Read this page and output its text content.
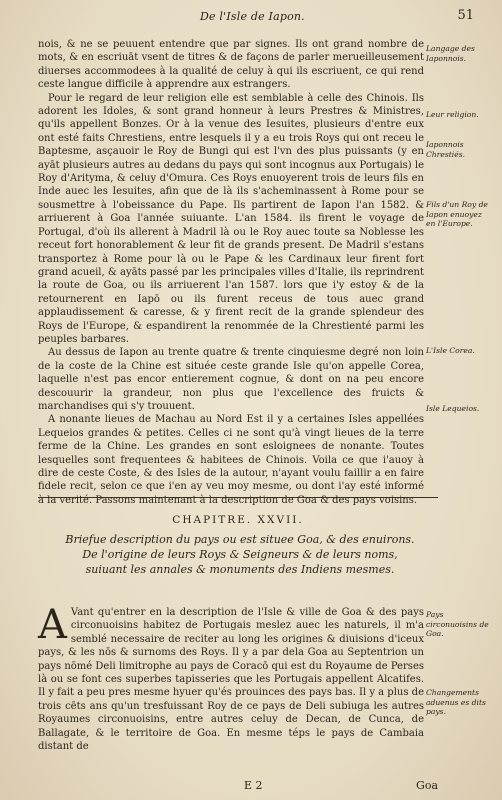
De l'Isle de Iapon.	51

nois, & ne se peuuent entendre que par signes. Ils ont grand nombre de mots, & en escriuāt vsent de titres & de façons de parler merueilleusement diuerses accommodees à la qualité de celuy à qui ils escriuent, ce qui rend ceste langue difficile à apprendre aux estrangers.

Pour le regard de leur religion elle est semblable à celle des Chinois. Ils adorent les Idoles, & sont grand honneur à leurs Prestres & Ministres, qu'ils appellent Bonzes. Or à la venue des Iesuites, plusieurs d'entre eux ont esté faits Chrestiens, entre lesquels il y a eu trois Roys qui ont receu le Baptesme, asçauoir le Roy de Bungi qui est l'vn des plus puissants (y en ayāt plusieurs autres au dedans du pays qui sont incognus aux Portugais) le Roy d'Arityma, & celuy d'Omura. Ces Roys enuoyerent trois de leurs fils en Inde auec les Iesuites, afin que de là ils s'acheminassent à Rome pour se sousmettre à l'obeissance du Pape. Ils partirent de Iapon l'an 1582. & arriuerent à Goa l'année suiuante. L'an 1584. ils firent le voyage de Portugal, d'où ils allerent à Madril là ou le Roy auec toute sa Noblesse les receut fort honorablement & leur fit de grands present. De Madril s'estans transportez à Rome pour là ou le Pape & les Cardinaux leur firent fort grand acueil, & ayāts passé par les principales villes d'Italie, ils reprindrent la route de Goa, ou ils arriuerent l'an 1587. lors que i'y estoy & de la retournerent en Iapō ou ils furent receus de tous auec grand applaudissement & caresse, & y firent recit de la grande splendeur des Roys de l'Europe, & espandirent la renommée de la Chrestienté parmi les peuples barbares.

Au dessus de Iapon au trente quatre & trente cinquiesme degré non loin de la coste de la Chine est située ceste grande Isle qu'on appelle Corea, laquelle n'est pas encor entierement cognue, & dont on na peu encore descouurir la grandeur, non plus que l'excellence des fruicts & marchandises qui s'y trouuent.

A nonante lieues de Machau au Nord Est il y a certaines Isles appellées Lequeios grandes & petites. Celles ci ne sont qu'à vingt lieues de la terre ferme de la Chine. Les grandes en sont esloignees de nonante. Toutes lesquelles sont frequentees & habitees de Chinois. Voila ce que i'auoy à dire de ceste Coste, & des Isles de la autour, n'ayant voulu faillir a en faire fidele recit, selon ce que i'en ay veu moy mesme, ou dont i'ay esté informé à la verité. Passons maintenant à la description de Goa & des pays voisins.

Langage des Iaponnois.
Leur religion.
Iaponnois Chrestiés.
Fils d'un Roy de Iapon enuoyez en l'Europe.
L'Isle Corea.
Isle Lequeios.
CHAPITRE. XXVII.
Briefue description du pays ou est situee Goa, & des enuirons. De l'origine de leurs Roys & Seigneurs & de leurs noms, suiuant les annales & monuments des Indiens mesmes.

A Vant qu'entrer en la description de l'Isle & ville de Goa & des pays circonuoisins habitez de Portugais meslez auec les naturels, il m'a semblé necessaire de reciter au long les origines & diuisions d'iceux pays, & les nōs & surnoms des Roys. Il y a par dela Goa au Septentrion un pays nōmé Deli limitrophe au pays de Coracō qui est du Royaume de Perses là ou se font ces superbes tapisseries que les Portugais appellent Alcatifes. Il y fait a peu pres mesme hyuer qu'és prouinces des pays bas. Il y a plus de trois cēts ans qu'un tresfuissant Roy de ce pays de Deli subiuga les autres Royaumes circonuoisins, entre autres celuy de Decan, de Cunca, de Ballagate, & le territoire de Goa. En mesme téps le pays de Cambaia distant de

Pays circonuoisins de Goa.
Changements aduenus es dits pays.
E 2	Goa
